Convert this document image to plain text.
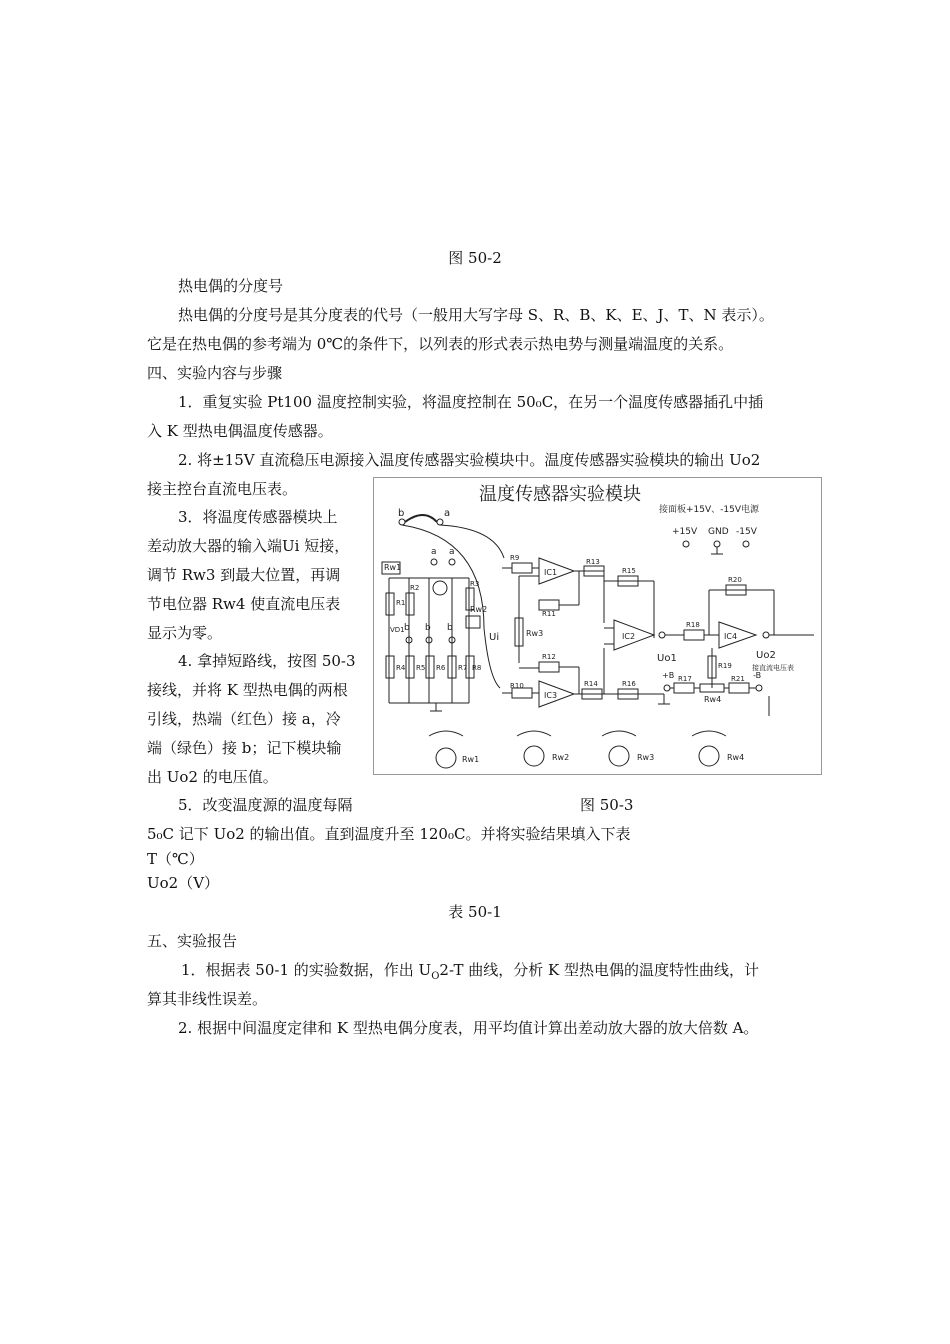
图 50-2
热电偶的分度号
热电偶的分度号是其分度表的代号（一般用大写字母 S、R、B、K、E、J、T、N 表示）。
它是在热电偶的参考端为 0℃的条件下，以列表的形式表示热电势与测量端温度的关系。
四、实验内容与步骤
1．重复实验 Pt100 温度控制实验，将温度控制在 50₀C，在另一个温度传感器插孔中插
入 K 型热电偶温度传感器。
2. 将±15V 直流稳压电源接入温度传感器实验模块中。温度传感器实验模块的输出 Uo2
接主控台直流电压表。
3．将温度传感器模块上
差动放大器的输入端Ui 短接，
调节 Rw3 到最大位置，再调
节电位器 Rw4 使直流电压表
显示为零。
4. 拿掉短路线，按图 50-3
接线，并将 K 型热电偶的两根
引线，热端（红色）接 a，冷
端（绿色）接 b；记下模块输
出 Uo2 的电压值。
温度传感器实验模块
接面板+15V、-15V电源
+15V GND -15V
b	a
Rw1
a a
R1
R2	R3
VD1 b b b
R4 R5 R6 R7 R8
Rw2
Ui
R9
IC1
R13
R15
R11
Rw3
R10
IC3
R12
R14	R16
IC2
Uo1
R18
IC4
R20
Uo2
接直流电压表
R19
+B R17
Rw4
R21 -B
Rw1	Rw2	Rw3	Rw4
5．改变温度源的温度每隔	图 50-3
5₀C 记下 Uo2 的输出值。直到温度升至 120₀C。并将实验结果填入下表
T（℃）
Uo2（V）
表 50-1
五、实验报告
1．根据表 50-1 的实验数据，作出 $U_O2-T$ 曲线，分析 K 型热电偶的温度特性曲线，计
算其非线性误差。
2. 根据中间温度定律和 K 型热电偶分度表，用平均值计算出差动放大器的放大倍数 A。
